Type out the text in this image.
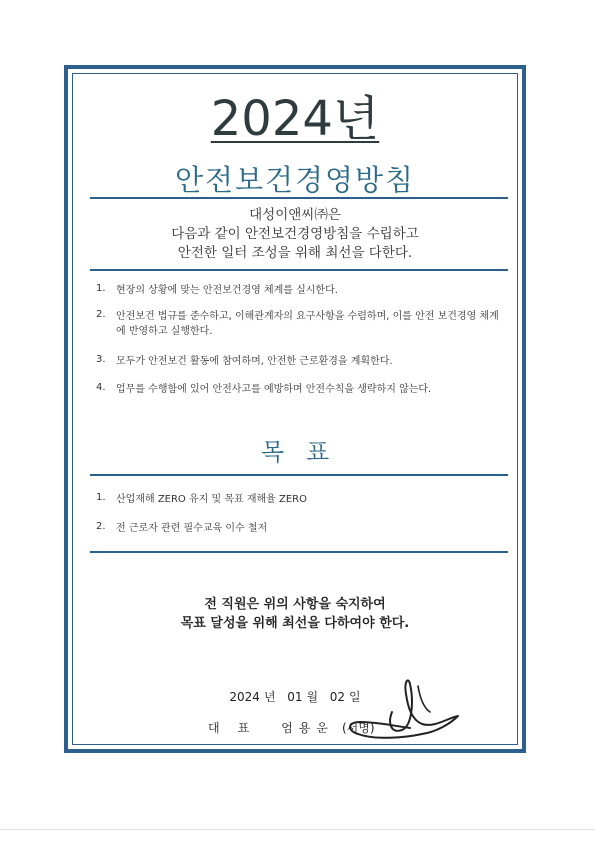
2024년
안전보건경영방침
대성이앤씨㈜은
다음과 같이 안전보건경영방침을 수립하고
안전한 일터 조성을 위해 최선을 다한다.
1.	현장의 상황에 맞는 안전보건경영 체계를 실시한다.
2.	안전보건 법규를 준수하고, 이해관계자의 요구사항을 수렴하며, 이를 안전 보건경영 체계에 반영하고 실행한다.
3.	모두가 안전보건 활동에 참여하며, 안전한 근로환경을 계획한다.
4.	업무를 수행함에 있어 안전사고를 예방하며 안전수칙을 생략하지 않는다.
목표
1.	산업재해 ZERO 유지 및 목표 재해율 ZERO
2.	전 근로자 관련 필수교육 이수 철저
전 직원은 위의 사항을 숙지하여
목표 달성을 위해 최선을 다하여야 한다.
2024 년 01 월 02 일
대표 엄용운 (서명)
